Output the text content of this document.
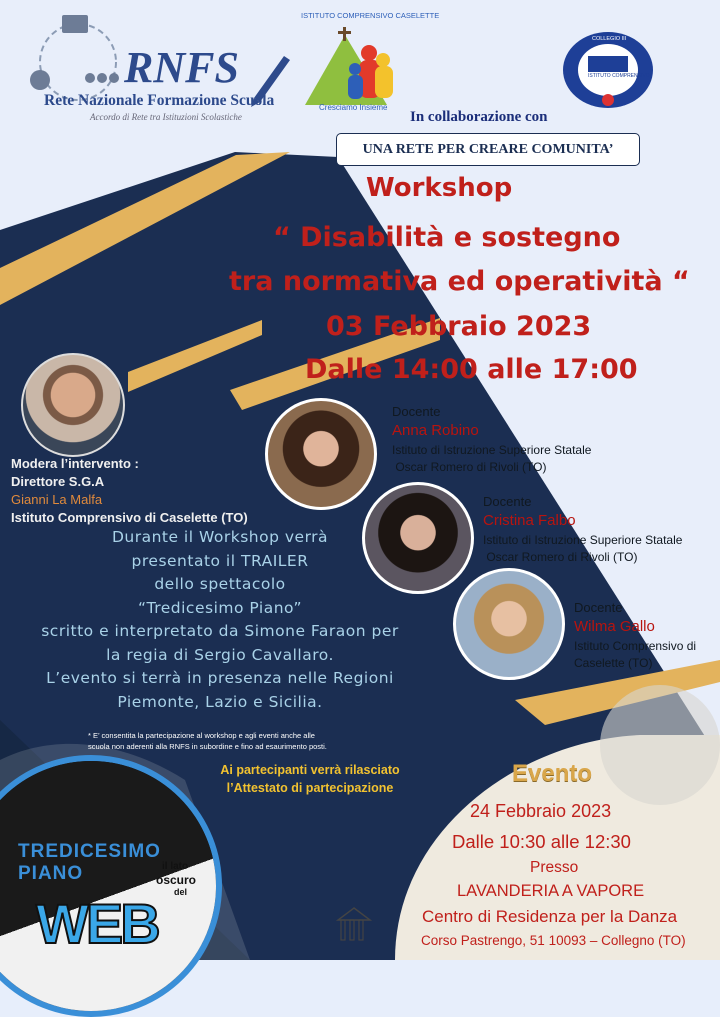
RNFS
Rete Nazionale Formazione Scuola
Accordo di Rete tra Istituzioni Scolastiche
ISTITUTO COMPRENSIVO CASELETTE
Cresciamo Insieme
COLLEGIO III
ISTITUTO COMPRENSIVO
In collaborazione con
UNA RETE PER CREARE COMUNITA’
Workshop
“ Disabilità e sostegno
tra normativa ed operatività “
03 Febbraio 2023
Dalle 14:00 alle 17:00
Modera l’intervento :
Direttore S.G.A
Gianni La Malfa
Istituto Comprensivo di Caselette (TO)
Docente
Anna Robino
Istituto di Istruzione Superiore Statale
Oscar Romero di Rivoli (TO)
Docente
Cristina Falbo
Istituto di Istruzione Superiore Statale
Oscar Romero di Rivoli (TO)
Docente
Wilma Gallo
Istituto Comprensivo di
Caselette (TO)
Durante il Workshop verrà
presentato il TRAILER
dello spettacolo
“Tredicesimo Piano”
scritto e interpretato da Simone Faraon per
la regia di Sergio Cavallaro.
L’evento si terrà in presenza nelle Regioni
Piemonte, Lazio e Sicilia.
* E’ consentita la partecipazione al workshop e agli eventi anche alle
scuola non aderenti alla RNFS in subordine e fino ad esaurimento posti.
Ai partecipanti verrà rilasciato
l’Attestato di partecipazione
TREDICESIMO
PIANO	il lato
oscuro
del
WEB
Evento
24 Febbraio 2023
Dalle 10:30 alle 12:30
Presso
LAVANDERIA A VAPORE
Centro di Residenza per la Danza
Corso Pastrengo, 51 10093 – Collegno (TO)
